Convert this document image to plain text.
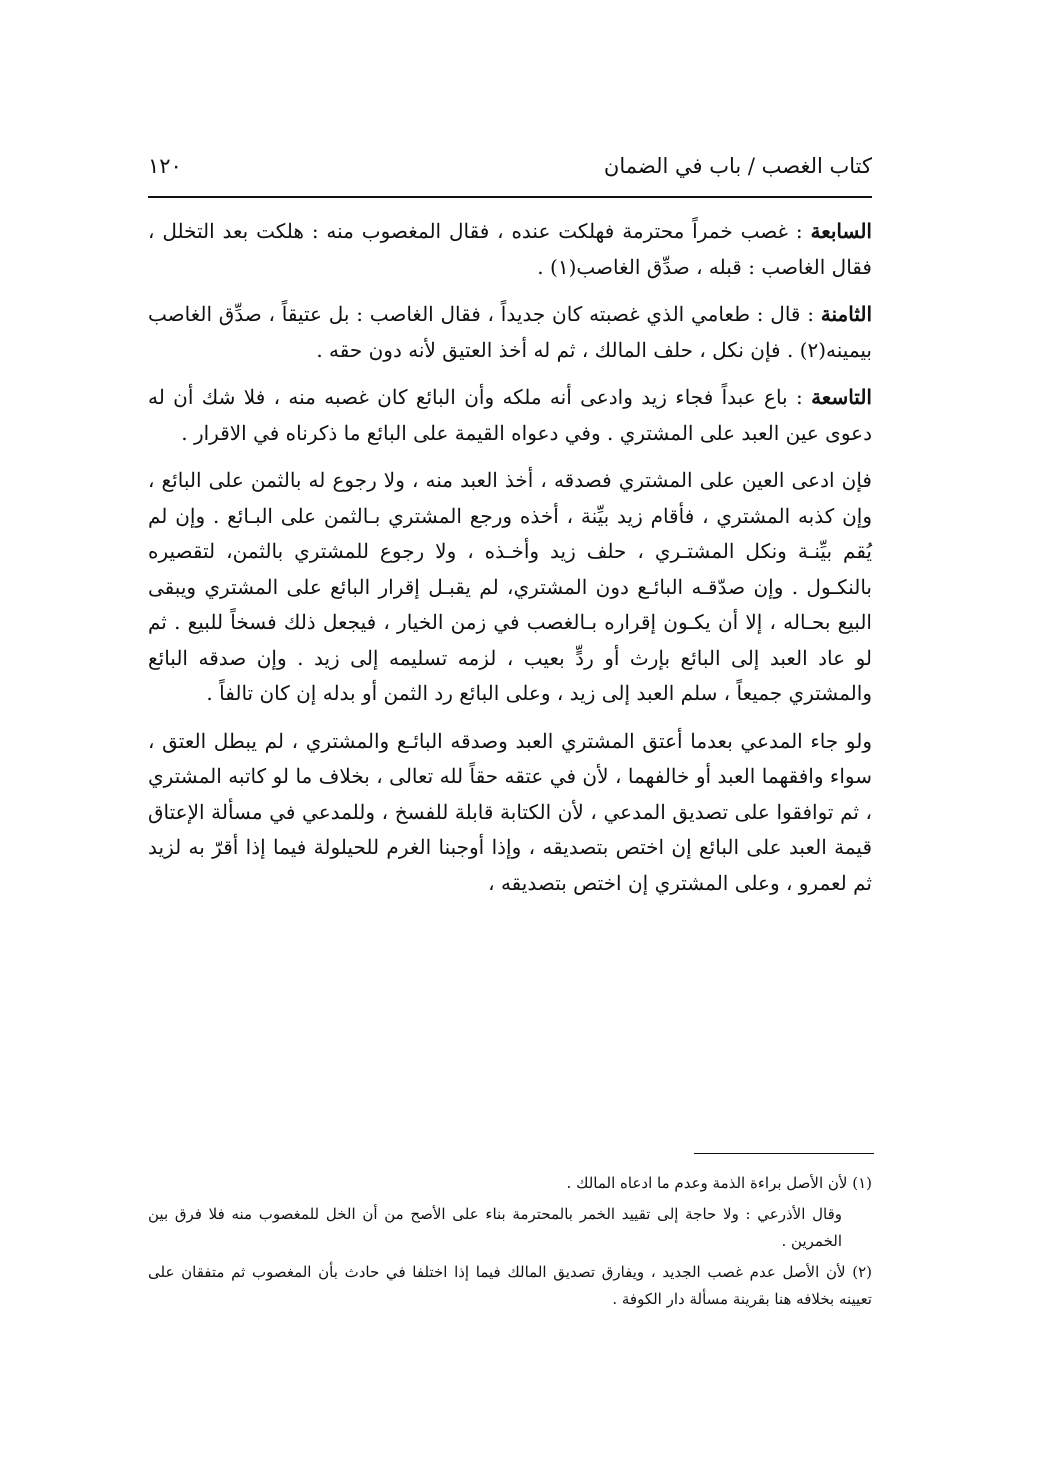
كتاب الغصب / باب في الضمان
١٢٠

السابعة : غصب خمراً محترمة فهلكت عنده ، فقال المغصوب منه : هلكت بعد التخلل ، فقال الغاصب : قبله ، صدِّق الغاصب(١) .

الثامنة : قال : طعامي الذي غصبته كان جديداً ، فقال الغاصب : بل عتيقاً ، صدِّق الغاصب بيمينه(٢) . فإن نكل ، حلف المالك ، ثم له أخذ العتيق لأنه دون حقه .

التاسعة : باع عبداً فجاء زيد وادعى أنه ملكه وأن البائع كان غصبه منه ، فلا شك أن له دعوى عين العبد على المشتري . وفي دعواه القيمة على البائع ما ذكرناه في الاقرار .

فإن ادعى العين على المشتري فصدقه ، أخذ العبد منه ، ولا رجوع له بالثمن على البائع ، وإن كذبه المشتري ، فأقام زيد بيِّنة ، أخذه ورجع المشتري بـالثمن على البـائع . وإن لم يُقم بيِّنـة ونكل المشتـري ، حلف زيد وأخـذه ، ولا رجوع للمشتري بالثمن، لتقصيره بالنكـول . وإن صدّقـه البائـع دون المشتري، لم يقبـل إقرار البائع على المشتري ويبقى البيع بحـاله ، إلا أن يكـون إقراره بـالغصب في زمن الخيار ، فيجعل ذلك فسخاً للبيع . ثم لو عاد العبد إلى البائع بإرث أو ردٍّ بعيب ، لزمه تسليمه إلى زيد . وإن صدقه البائع والمشتري جميعاً ، سلم العبد إلى زيد ، وعلى البائع رد الثمن أو بدله إن كان تالفاً .

ولو جاء المدعي بعدما أعتق المشتري العبد وصدقه البائـع والمشتري ، لم يبطل العتق ، سواء وافقهما العبد أو خالفهما ، لأن في عتقه حقاً لله تعالى ، بخلاف ما لو كاتبه المشتري ، ثم توافقوا على تصديق المدعي ، لأن الكتابة قابلة للفسخ ، وللمدعي في مسألة الإعتاق قيمة العبد على البائع إن اختص بتصديقه ، وإذا أوجبنا الغرم للحيلولة فيما إذا أقرّ به لزيد ثم لعمرو ، وعلى المشتري إن اختص بتصديقه ،

(١) لأن الأصل براءة الذمة وعدم ما ادعاه المالك .

وقال الأذرعي : ولا حاجة إلى تقييد الخمر بالمحترمة بناء على الأصح من أن الخل للمغصوب منه فلا فرق بين الخمرين .

(٢) لأن الأصل عدم غصب الجديد ، ويفارق تصديق المالك فيما إذا اختلفا في حادث بأن المغصوب ثم متفقان على تعيينه بخلافه هنا بقرينة مسألة دار الكوفة .
